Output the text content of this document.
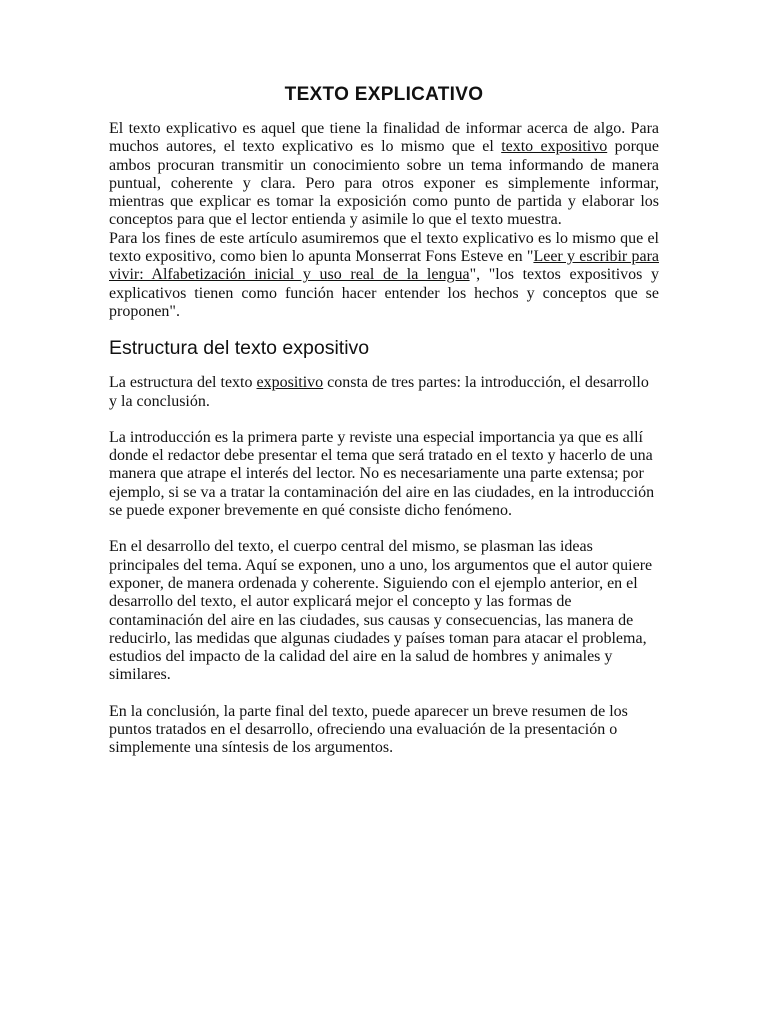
TEXTO EXPLICATIVO

El texto explicativo es aquel que tiene la finalidad de informar acerca de algo. Para muchos autores, el texto explicativo es lo mismo que el texto expositivo porque ambos procuran transmitir un conocimiento sobre un tema informando de manera puntual, coherente y clara. Pero para otros exponer es simplemente informar, mientras que explicar es tomar la exposición como punto de partida y elaborar los conceptos para que el lector entienda y asimile lo que el texto muestra.

Para los fines de este artículo asumiremos que el texto explicativo es lo mismo que el texto expositivo, como bien lo apunta Monserrat Fons Esteve en "Leer y escribir para vivir: Alfabetización inicial y uso real de la lengua", "los textos expositivos y explicativos tienen como función hacer entender los hechos y conceptos que se proponen".

Estructura del texto expositivo

La estructura del texto expositivo consta de tres partes: la introducción, el desarrollo y la conclusión.

La introducción es la primera parte y reviste una especial importancia ya que es allí donde el redactor debe presentar el tema que será tratado en el texto y hacerlo de una manera que atrape el interés del lector. No es necesariamente una parte extensa; por ejemplo, si se va a tratar la contaminación del aire en las ciudades, en la introducción se puede exponer brevemente en qué consiste dicho fenómeno.

En el desarrollo del texto, el cuerpo central del mismo, se plasman las ideas principales del tema. Aquí se exponen, uno a uno, los argumentos que el autor quiere exponer, de manera ordenada y coherente. Siguiendo con el ejemplo anterior, en el desarrollo del texto, el autor explicará mejor el concepto y las formas de contaminación del aire en las ciudades, sus causas y consecuencias, las manera de reducirlo, las medidas que algunas ciudades y países toman para atacar el problema, estudios del impacto de la calidad del aire en la salud de hombres y animales y similares.

En la conclusión, la parte final del texto, puede aparecer un breve resumen de los puntos tratados en el desarrollo, ofreciendo una evaluación de la presentación o simplemente una síntesis de los argumentos.
